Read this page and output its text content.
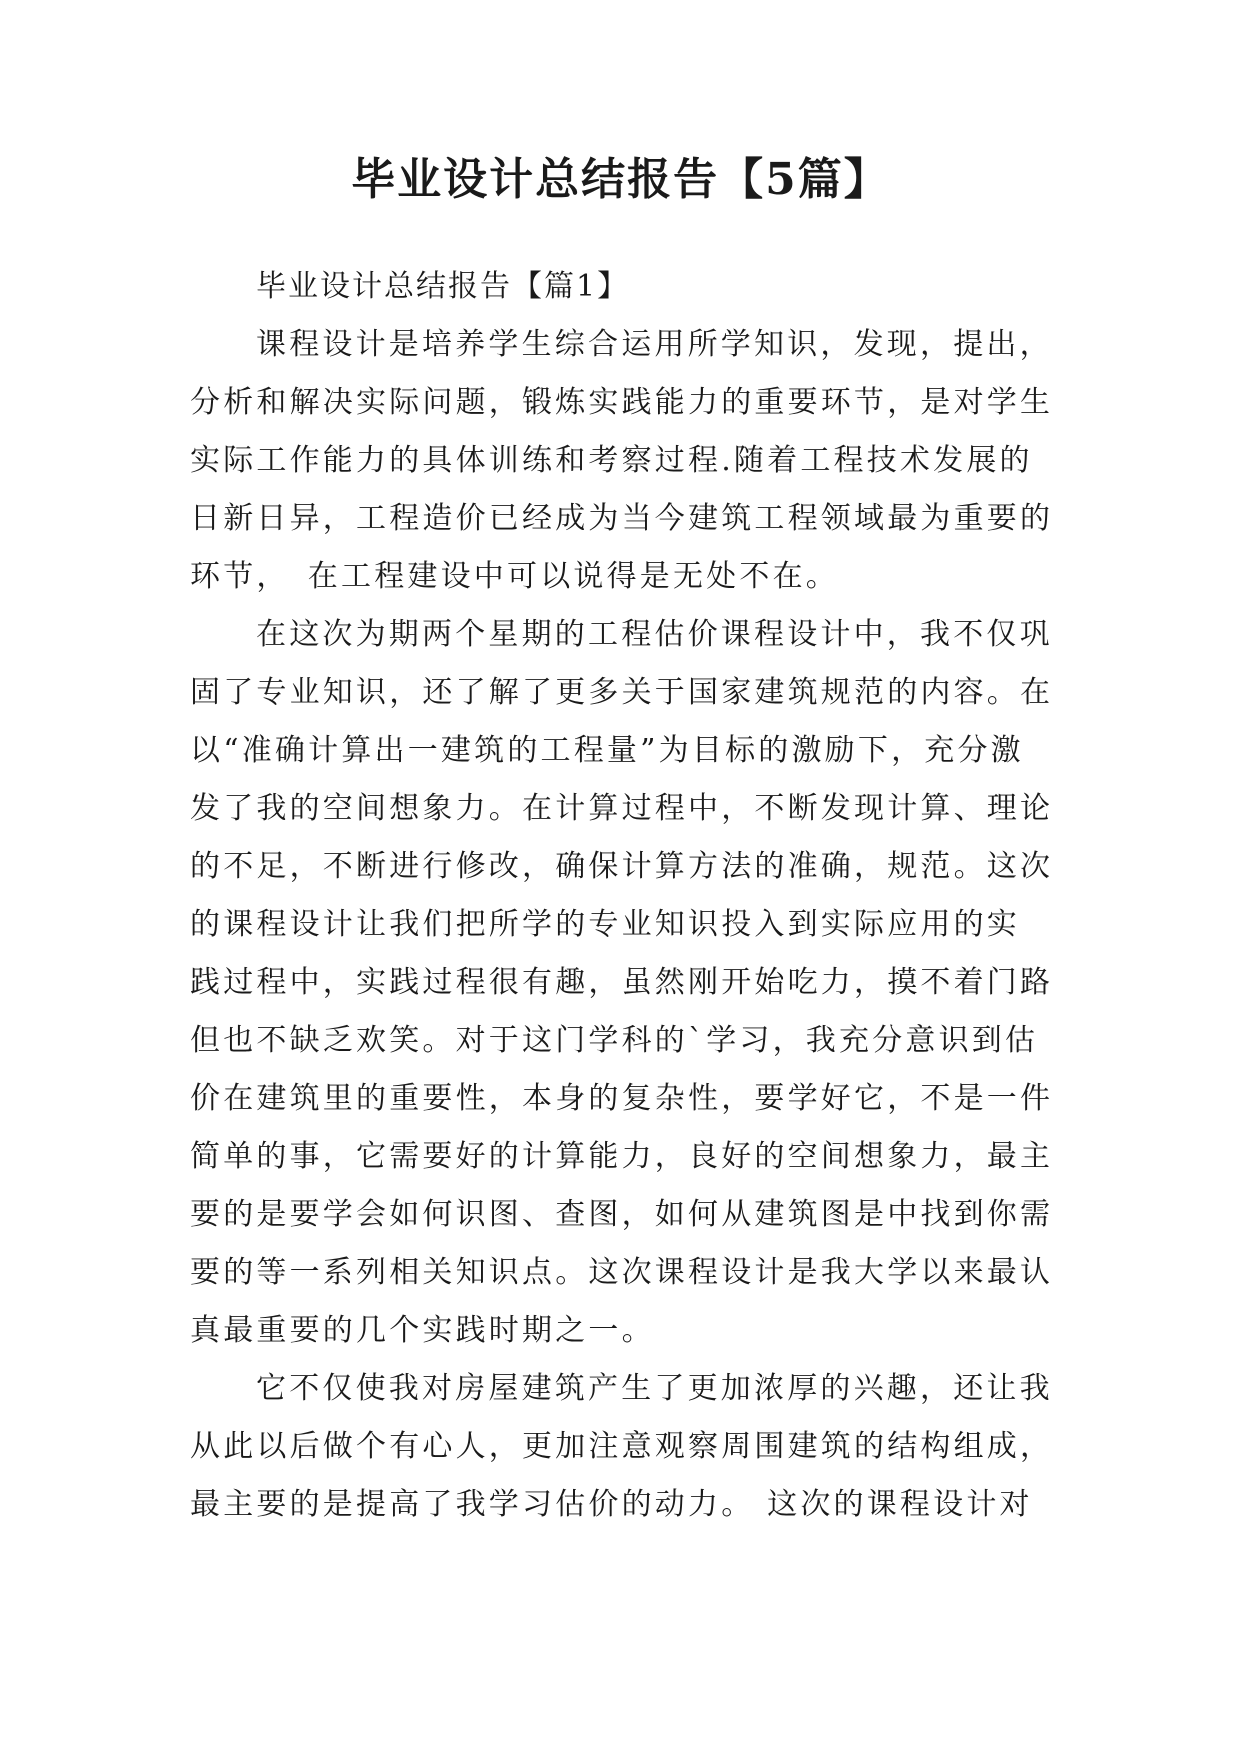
毕业设计总结报告【5篇】
毕业设计总结报告【篇1】
课程设计是培养学生综合运用所学知识，发现，提出，
分析和解决实际问题，锻炼实践能力的重要环节，是对学生
实际工作能力的具体训练和考察过程.随着工程技术发展的
日新日异，工程造价已经成为当今建筑工程领域最为重要的
环节，　在工程建设中可以说得是无处不在。
在这次为期两个星期的工程估价课程设计中，我不仅巩
固了专业知识，还了解了更多关于国家建筑规范的内容。在
以“准确计算出一建筑的工程量”为目标的激励下，充分激
发了我的空间想象力。在计算过程中，不断发现计算、理论
的不足，不断进行修改，确保计算方法的准确，规范。这次
的课程设计让我们把所学的专业知识投入到实际应用的实
践过程中，实践过程很有趣，虽然刚开始吃力，摸不着门路
但也不缺乏欢笑。对于这门学科的`学习，我充分意识到估
价在建筑里的重要性，本身的复杂性，要学好它，不是一件
简单的事，它需要好的计算能力，良好的空间想象力，最主
要的是要学会如何识图、查图，如何从建筑图是中找到你需
要的等一系列相关知识点。这次课程设计是我大学以来最认
真最重要的几个实践时期之一。
它不仅使我对房屋建筑产生了更加浓厚的兴趣，还让我
从此以后做个有心人，更加注意观察周围建筑的结构组成，
最主要的是提高了我学习估价的动力。 这次的课程设计对
